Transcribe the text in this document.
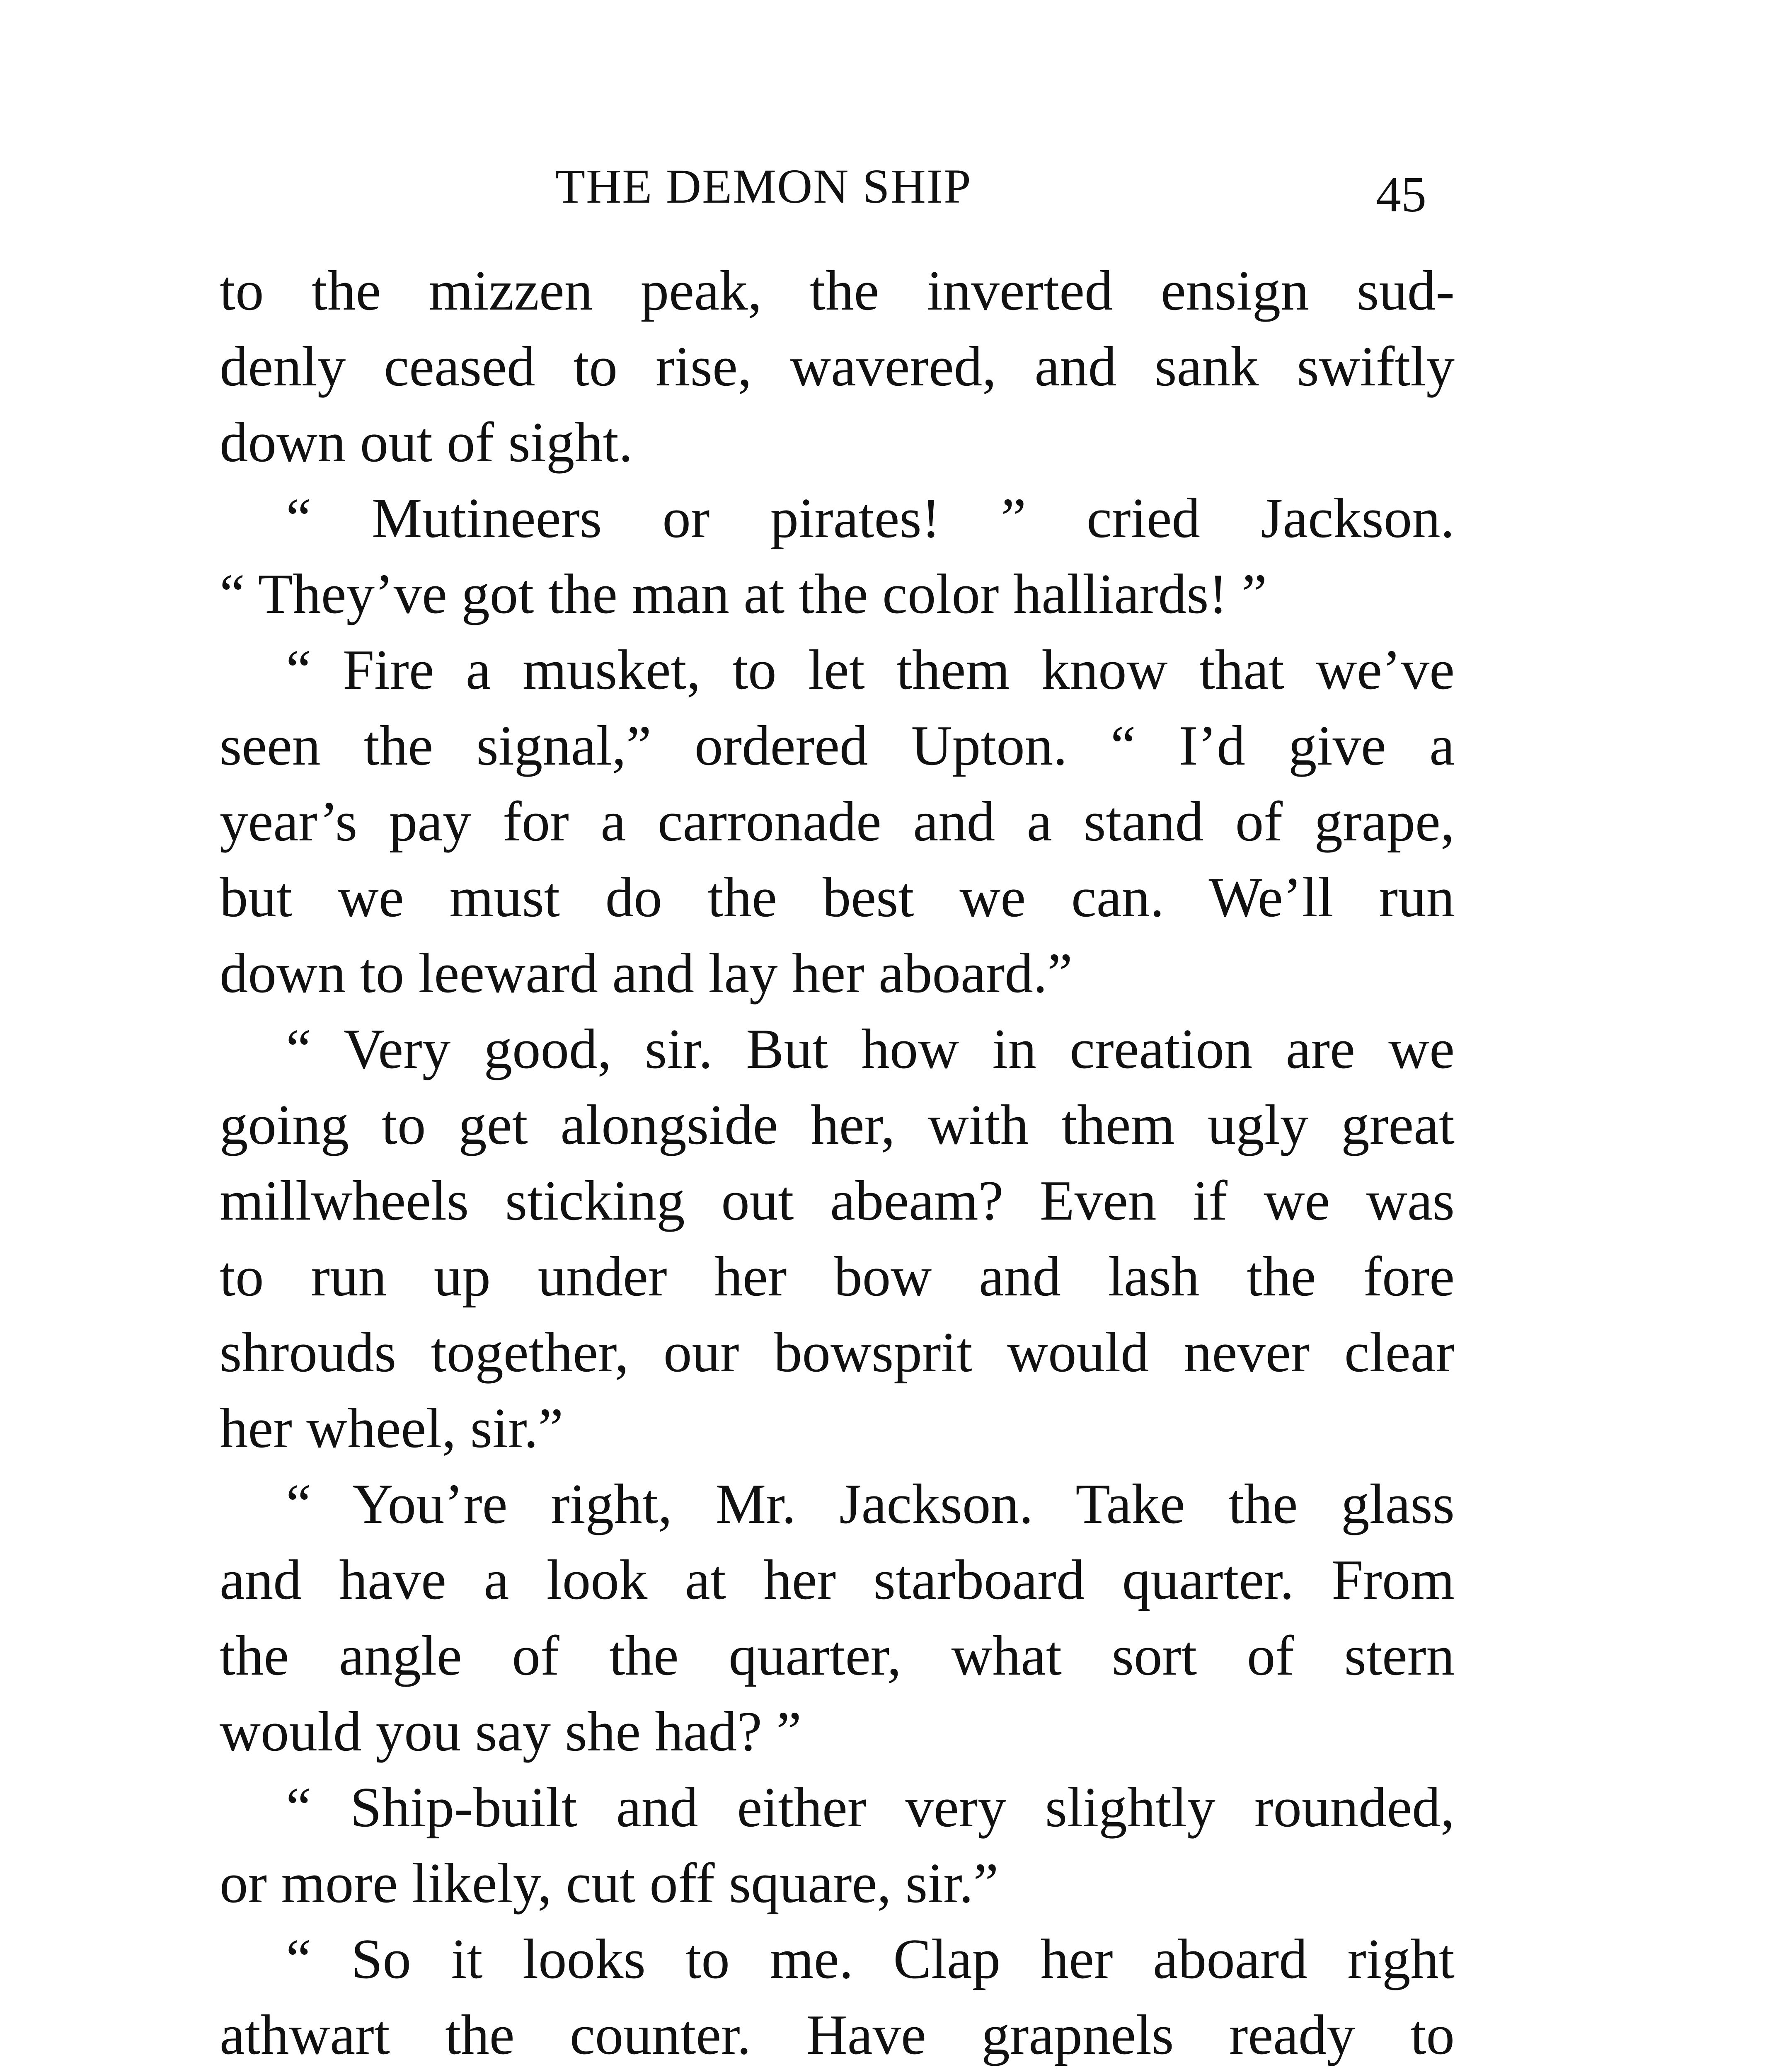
THE DEMON SHIP	45
to the mizzen peak, the inverted ensign sud-
denly ceased to rise, wavered, and sank swiftly
down out of sight.
“ Mutineers or pirates! ” cried Jackson.
“ They’ve got the man at the color halliards! ”
“ Fire a musket, to let them know that we’ve
seen the signal,” ordered Upton. “ I’d give a
year’s pay for a carronade and a stand of grape,
but we must do the best we can. We’ll run
down to leeward and lay her aboard.”
“ Very good, sir. But how in creation are we
going to get alongside her, with them ugly great
millwheels sticking out abeam? Even if we was
to run up under her bow and lash the fore
shrouds together, our bowsprit would never clear
her wheel, sir.”
“ You’re right, Mr. Jackson. Take the glass
and have a look at her starboard quarter. From
the angle of the quarter, what sort of stern
would you say she had? ”
“ Ship-built and either very slightly rounded,
or more likely, cut off square, sir.”
“ So it looks to me. Clap her aboard right
athwart the counter. Have grapnels ready to
